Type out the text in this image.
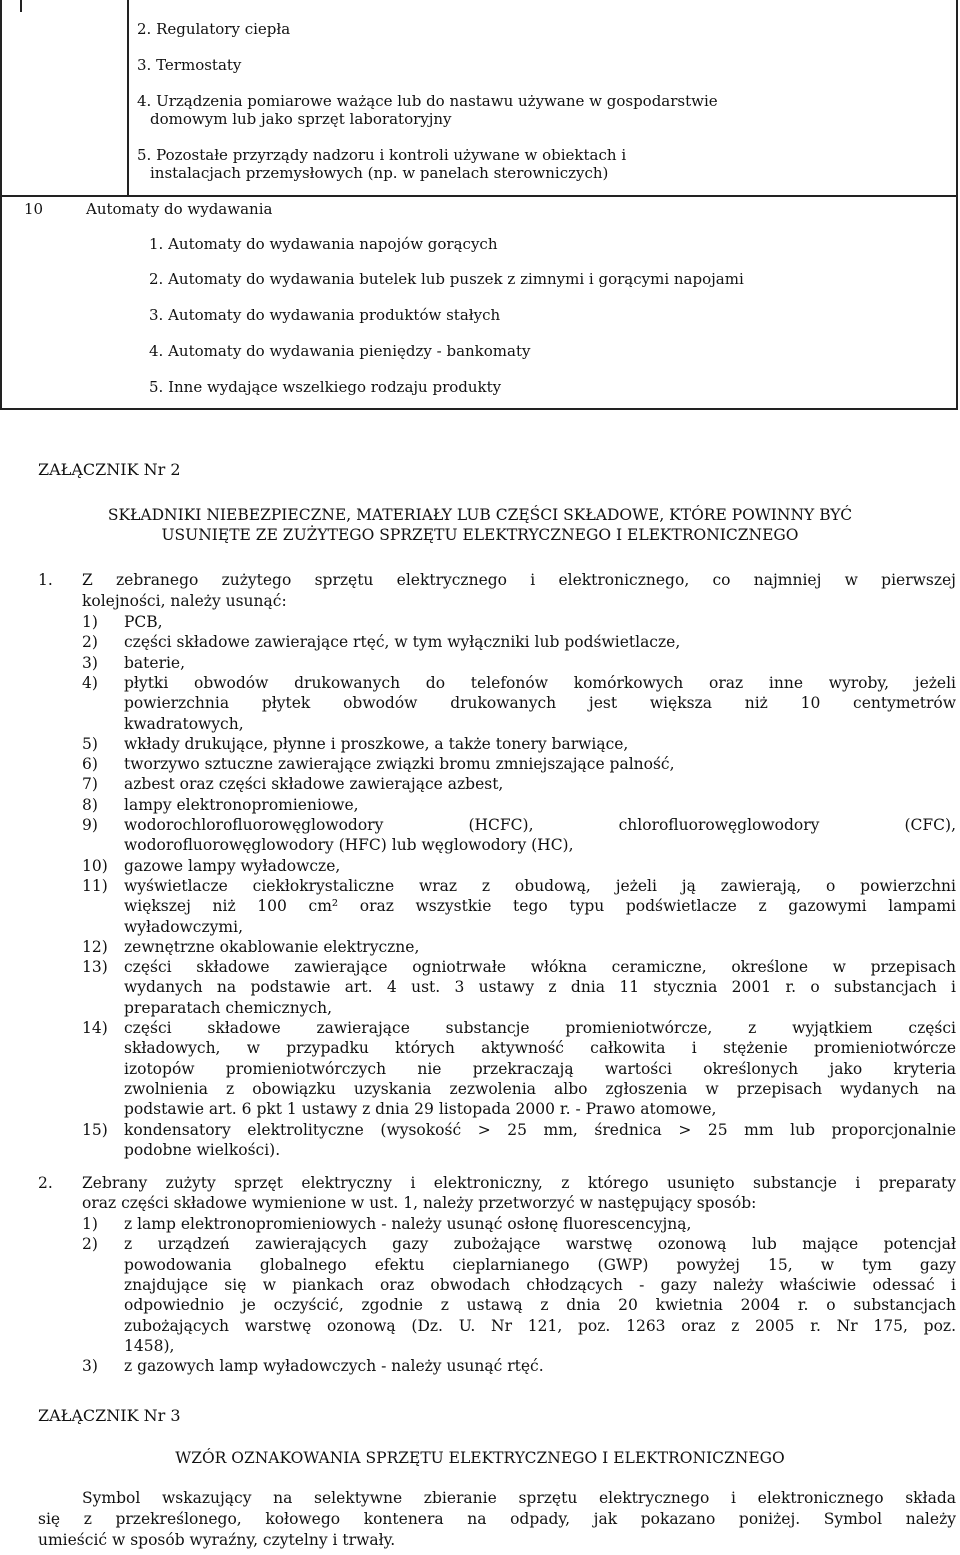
2. Regulatory ciepła
3. Termostaty
4. Urządzenia pomiarowe ważące lub do nastawu używane w gospodarstwie
domowym lub jako sprzęt laboratoryjny
5. Pozostałe przyrządy nadzoru i kontroli używane w obiektach i
instalacjach przemysłowych (np. w panelach sterowniczych)
10	Automaty do wydawania
1. Automaty do wydawania napojów gorących
2. Automaty do wydawania butelek lub puszek z zimnymi i gorącymi napojami
3. Automaty do wydawania produktów stałych
4. Automaty do wydawania pieniędzy - bankomaty
5. Inne wydające wszelkiego rodzaju produkty
ZAŁĄCZNIK Nr 2
SKŁADNIKI NIEBEZPIECZNE, MATERIAŁY LUB CZĘŚCI SKŁADOWE, KTÓRE POWINNY BYĆ
USUNIĘTE ZE ZUŻYTEGO SPRZĘTU ELEKTRYCZNEGO I ELEKTRONICZNEGO
1. Z zebranego zużytego sprzętu elektrycznego i elektronicznego, co najmniej w pierwszej
kolejności, należy usunąć:
1) PCB,
2) części składowe zawierające rtęć, w tym wyłączniki lub podświetlacze,
3) baterie,
4) płytki obwodów drukowanych do telefonów komórkowych oraz inne wyroby, jeżeli
powierzchnia płytek obwodów drukowanych jest większa niż 10 centymetrów
kwadratowych,
5) wkłady drukujące, płynne i proszkowe, a także tonery barwiące,
6) tworzywo sztuczne zawierające związki bromu zmniejszające palność,
7) azbest oraz części składowe zawierające azbest,
8) lampy elektronopromieniowe,
9) wodorochlorofluorowęglowodory (HCFC), chlorofluorowęglowodory (CFC),
wodorofluorowęglowodory (HFC) lub węglowodory (HC),
10) gazowe lampy wyładowcze,
11) wyświetlacze ciekłokrystaliczne wraz z obudową, jeżeli ją zawierają, o powierzchni
większej niż 100 cm² oraz wszystkie tego typu podświetlacze z gazowymi lampami
wyładowczymi,
12) zewnętrzne okablowanie elektryczne,
13) części składowe zawierające ogniotrwałe włókna ceramiczne, określone w przepisach
wydanych na podstawie art. 4 ust. 3 ustawy z dnia 11 stycznia 2001 r. o substancjach i
preparatach chemicznych,
14) części składowe zawierające substancje promieniotwórcze, z wyjątkiem części
składowych, w przypadku których aktywność całkowita i stężenie promieniotwórcze
izotopów promieniotwórczych nie przekraczają wartości określonych jako kryteria
zwolnienia z obowiązku uzyskania zezwolenia albo zgłoszenia w przepisach wydanych na
podstawie art. 6 pkt 1 ustawy z dnia 29 listopada 2000 r. - Prawo atomowe,
15) kondensatory elektrolityczne (wysokość > 25 mm, średnica > 25 mm lub proporcjonalnie
podobne wielkości).
2. Zebrany zużyty sprzęt elektryczny i elektroniczny, z którego usunięto substancje i preparaty
oraz części składowe wymienione w ust. 1, należy przetworzyć w następujący sposób:
1) z lamp elektronopromieniowych - należy usunąć osłonę fluorescencyjną,
2) z urządzeń zawierających gazy zubożające warstwę ozonową lub mające potencjał
powodowania globalnego efektu cieplarnianego (GWP) powyżej 15, w tym gazy
znajdujące się w piankach oraz obwodach chłodzących - gazy należy właściwie odessać i
odpowiednio je oczyścić, zgodnie z ustawą z dnia 20 kwietnia 2004 r. o substancjach
zubożających warstwę ozonową (Dz. U. Nr 121, poz. 1263 oraz z 2005 r. Nr 175, poz.
1458),
3) z gazowych lamp wyładowczych - należy usunąć rtęć.
ZAŁĄCZNIK Nr 3
WZÓR OZNAKOWANIA SPRZĘTU ELEKTRYCZNEGO I ELEKTRONICZNEGO
Symbol wskazujący na selektywne zbieranie sprzętu elektrycznego i elektronicznego składa
się z przekreślonego, kołowego kontenera na odpady, jak pokazano poniżej. Symbol należy
umieścić w sposób wyraźny, czytelny i trwały.
